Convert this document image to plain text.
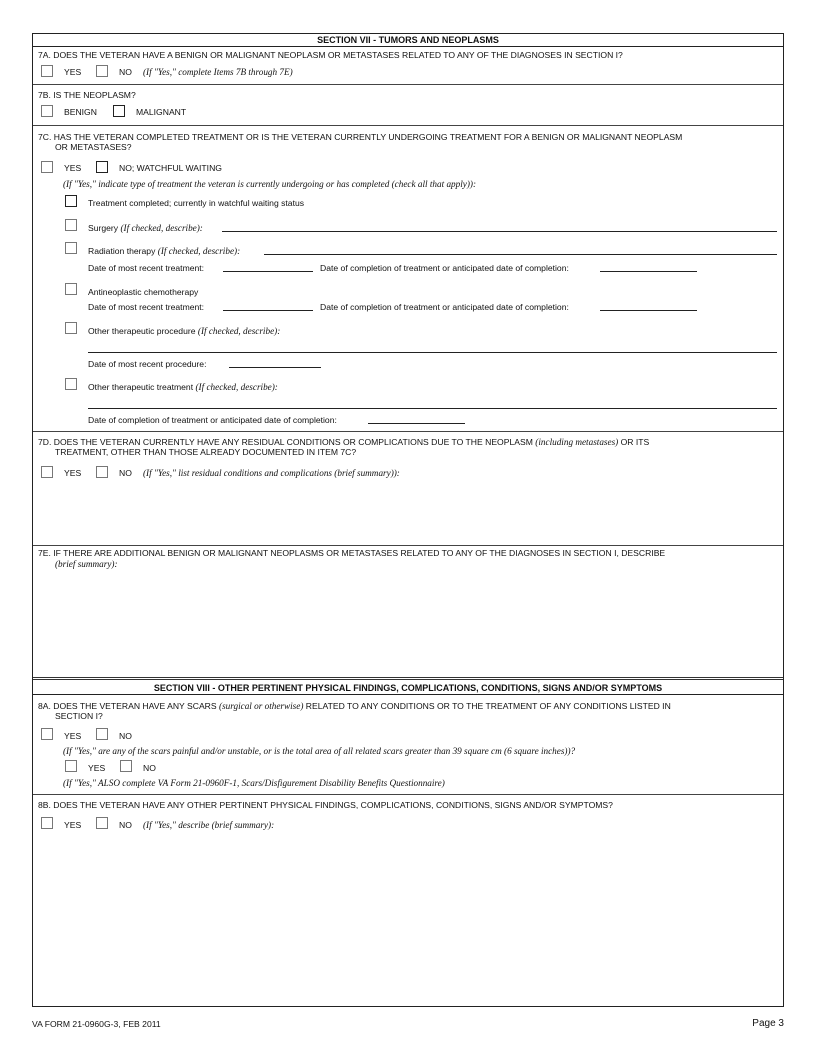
SECTION VII - TUMORS AND NEOPLASMS
7A. DOES THE VETERAN HAVE A BENIGN OR MALIGNANT NEOPLASM OR METASTASES RELATED TO ANY OF THE DIAGNOSES IN SECTION I?
YES	NO (If "Yes," complete Items 7B through 7E)
7B. IS THE NEOPLASM?
BENIGN	MALIGNANT
7C. HAS THE VETERAN COMPLETED TREATMENT OR IS THE VETERAN CURRENTLY UNDERGOING TREATMENT FOR A BENIGN OR MALIGNANT NEOPLASM
OR METASTASES?
YES	NO; WATCHFUL WAITING
(If "Yes," indicate type of treatment the veteran is currently undergoing or has completed (check all that apply)):
Treatment completed; currently in watchful waiting status
Surgery (If checked, describe):
Radiation therapy (If checked, describe):
Date of most recent treatment:	Date of completion of treatment or anticipated date of completion:
Antineoplastic chemotherapy
Date of most recent treatment:	Date of completion of treatment or anticipated date of completion:
Other therapeutic procedure (If checked, describe):
Date of most recent procedure:
Other therapeutic treatment (If checked, describe):
Date of completion of treatment or anticipated date of completion:
7D. DOES THE VETERAN CURRENTLY HAVE ANY RESIDUAL CONDITIONS OR COMPLICATIONS DUE TO THE NEOPLASM (including metastases) OR ITS
TREATMENT, OTHER THAN THOSE ALREADY DOCUMENTED IN ITEM 7C?
YES	NO (If "Yes," list residual conditions and complications (brief summary)):
7E. IF THERE ARE ADDITIONAL BENIGN OR MALIGNANT NEOPLASMS OR METASTASES RELATED TO ANY OF THE DIAGNOSES IN SECTION I, DESCRIBE
(brief summary):
SECTION VIII - OTHER PERTINENT PHYSICAL FINDINGS, COMPLICATIONS, CONDITIONS, SIGNS AND/OR SYMPTOMS
8A. DOES THE VETERAN HAVE ANY SCARS (surgical or otherwise) RELATED TO ANY CONDITIONS OR TO THE TREATMENT OF ANY CONDITIONS LISTED IN
SECTION I?
YES	NO
(If "Yes," are any of the scars painful and/or unstable, or is the total area of all related scars greater than 39 square cm (6 square inches))?
YES	NO
(If "Yes," ALSO complete VA Form 21-0960F-1, Scars/Disfigurement Disability Benefits Questionnaire)
8B. DOES THE VETERAN HAVE ANY OTHER PERTINENT PHYSICAL FINDINGS, COMPLICATIONS, CONDITIONS, SIGNS AND/OR SYMPTOMS?
YES	NO (If "Yes," describe (brief summary):
VA FORM 21-0960G-3, FEB 2011	Page 3
